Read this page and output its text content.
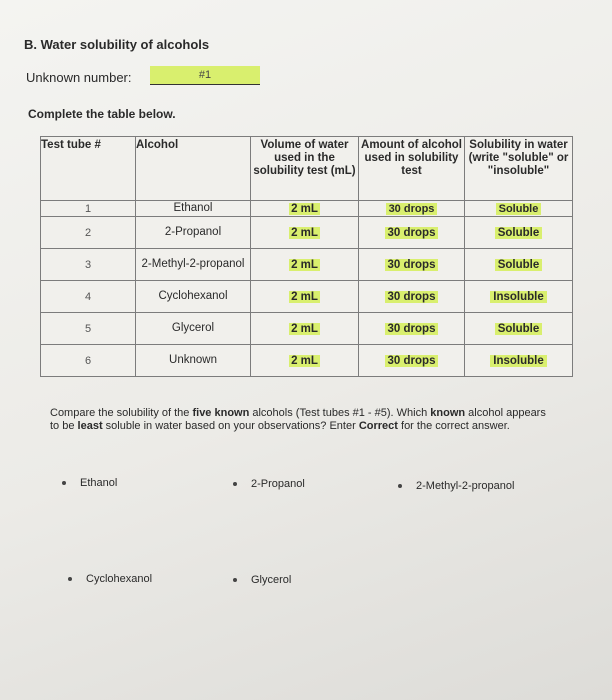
B. Water solubility of alcohols
Unknown number:	#1
Complete the table below.
Test tube #	Alcohol	Volume of water used in the solubility test (mL)	Amount of alcohol used in solubility test	Solubility in water (write "soluble" or "insoluble"
1	Ethanol	2 mL	30 drops	Soluble
2	2-Propanol	2 mL	30 drops	Soluble
3	2-Methyl-2-propanol	2 mL	30 drops	Soluble
4	Cyclohexanol	2 mL	30 drops	Insoluble
5	Glycerol	2 mL	30 drops	Soluble
6	Unknown	2 mL	30 drops	Insoluble
Compare the solubility of the five known alcohols (Test tubes #1 - #5). Which known alcohol appears to be least soluble in water based on your observations? Enter Correct for the correct answer.
Ethanol	2-Propanol	2-Methyl-2-propanol
Cyclohexanol	Glycerol
